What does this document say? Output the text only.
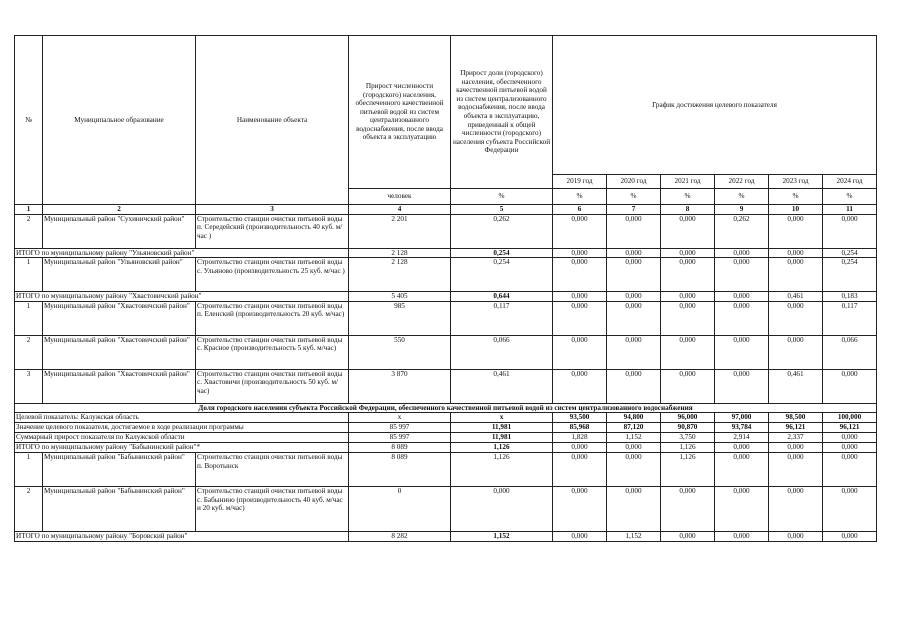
№	Муниципальное образование	Наименование объекта	Прирост численности (городского) населения, обеспеченного качественной питьевой водой из систем централизованного водоснабжения, после ввода объекта в эксплуатацию	Прирост доли (городского) населения, обеспеченного качественной питьевой водой из систем централизованного водоснабжения, после ввода объекта в эксплуатацию, приведенный к общей численности (городского) населения субъекта Российской Федерации	График достижения целевого показателя					
					2019 год	2020 год	2021 год	2022 год	2023 год	2024 год
			человек	%	%	%	%	%	%	%
1	2	3	4	5	6	7	8	9	10	11
2	Муниципальный район "Сухиничский район"	Строительство станции очистки питьевой воды п. Середейский (производительность 40 куб. м/час )	2 201	0,262	0,000	0,000	0,000	0,262	0,000	0,000
ИТОГО по муниципальному району "Ульяновский район"			2 128	0,254	0,000	0,000	0,000	0,000	0,000	0,254
1	Муниципальный район "Ульяновский район"	Строительство станции очистки питьевой воды с. Ульяново (производительность 25 куб. м/час )	2 128	0,254	0,000	0,000	0,000	0,000	0,000	0,254
ИТОГО по муниципальному району "Хвастовичский район"			5 405	0,644	0,000	0,000	0,000	0,000	0,461	0,183
1	Муниципальный район "Хвастовичский район"	Строительство станции очистки питьевой воды п. Еленский (производительность 20 куб. м/час)	985	0,117	0,000	0,000	0,000	0,000	0,000	0,117
2	Муниципальный район "Хвастовичский район"	Строительство станции очистки питьевой воды с. Красное (производительность 5 куб. м/час)	550	0,066	0,000	0,000	0,000	0,000	0,000	0,066
3	Муниципальный район "Хвастовичский район"	Строительство станции очистки питьевой воды с. Хвастовичи (производительность 50 куб. м/час)	3 870	0,461	0,000	0,000	0,000	0,000	0,461	0,000
Доля городского населения субъекта Российской Федерации, обеспеченного качественной питьевой водой из систем централизованного водоснабжения										
Целевой показатель: Калужская область			x	x	93,500	94,800	96,000	97,000	98,500	100,000
Значение целевого показателя, достигаемое в ходе реализации программы			85 997	11,981	85,968	87,120	90,870	93,784	96,121	96,121
Суммарный прирост показателя по Калужской области			85 997	11,981	1,828	1,152	3,750	2,914	2,337	0,000
ИТОГО по муниципальному району "Бабынинский район"*			8 089	1,126	0,000	0,000	1,126	0,000	0,000	0,000
1	Муниципальный район "Бабынинский район"	Строительство станции очистки питьевой воды п. Воротынск	8 089	1,126	0,000	0,000	1,126	0,000	0,000	0,000
2	Муниципальный район "Бабынинский район"	Строительство станций очистки питьевой воды с. Бабынино (производительность 40 куб. м/час и 20 куб. м/час)	0	0,000	0,000	0,000	0,000	0,000	0,000	0,000
ИТОГО по муниципальному району "Боровский район"			8 282	1,152	0,000	1,152	0,000	0,000	0,000	0,000
